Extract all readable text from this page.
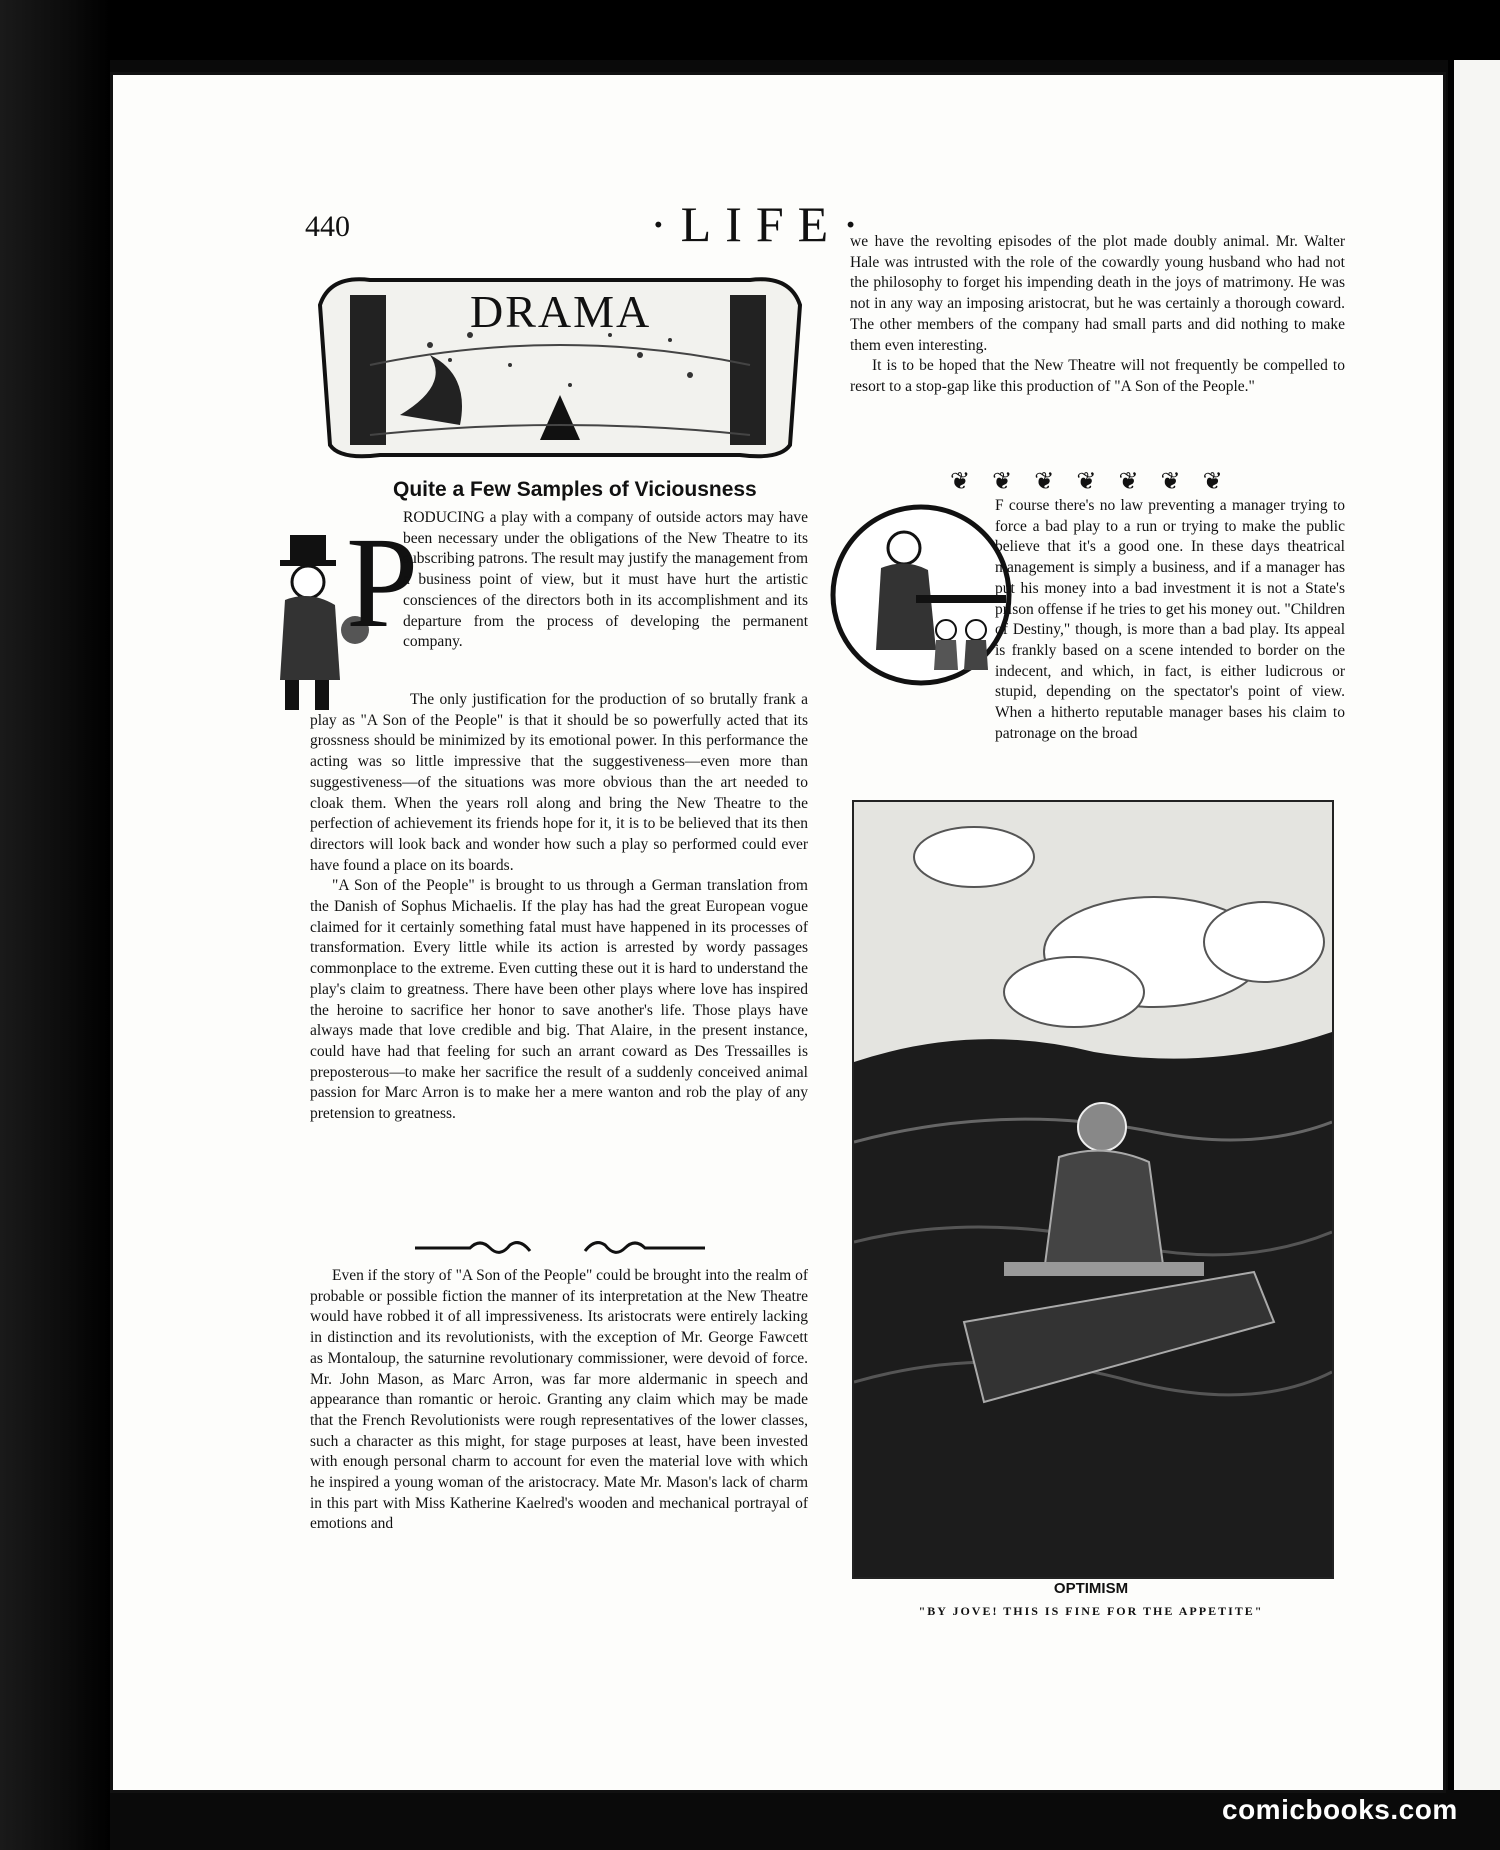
440	·LIFE·
DRAMA
Quite a Few Samples of Viciousness
P

RODUCING a play with a company of outside actors may have been necessary under the obligations of the New Theatre to its subscribing patrons. The result may justify the management from a business point of view, but it must have hurt the artistic consciences of the directors both in its accomplishment and its departure from the process of developing the permanent company.

The only justification for the production of so brutally frank a play as "A Son of the People" is that it should be so powerfully acted that its grossness should be minimized by its emotional power. In this performance the acting was so little impressive that the suggestiveness—even more than suggestiveness—of the situations was more obvious than the art needed to cloak them. When the years roll along and bring the New Theatre to the perfection of achievement its friends hope for it, it is to be believed that its then directors will look back and wonder how such a play so performed could ever have found a place on its boards.

"A Son of the People" is brought to us through a German translation from the Danish of Sophus Michaelis. If the play has had the great European vogue claimed for it certainly something fatal must have happened in its processes of transformation. Every little while its action is arrested by wordy passages commonplace to the extreme. Even cutting these out it is hard to understand the play's claim to greatness. There have been other plays where love has inspired the heroine to sacrifice her honor to save another's life. Those plays have always made that love credible and big. That Alaire, in the present instance, could have had that feeling for such an arrant coward as Des Tressailles is preposterous—to make her sacrifice the result of a suddenly conceived animal passion for Marc Arron is to make her a mere wanton and rob the play of any pretension to greatness.

Even if the story of "A Son of the People" could be brought into the realm of probable or possible fiction the manner of its interpretation at the New Theatre would have robbed it of all impressiveness. Its aristocrats were entirely lacking in distinction and its revolutionists, with the exception of Mr. George Fawcett as Montaloup, the saturnine revolutionary commissioner, were devoid of force. Mr. John Mason, as Marc Arron, was far more aldermanic in speech and appearance than romantic or heroic. Granting any claim which may be made that the French Revolutionists were rough representatives of the lower classes, such a character as this might, for stage purposes at least, have been invested with enough personal charm to account for even the material love with which he inspired a young woman of the aristocracy. Mate Mr. Mason's lack of charm in this part with Miss Katherine Kaelred's wooden and mechanical portrayal of emotions and

we have the revolting episodes of the plot made doubly animal. Mr. Walter Hale was intrusted with the role of the cowardly young husband who had not the philosophy to forget his impending death in the joys of matrimony. He was not in any way an imposing aristocrat, but he was certainly a thorough coward. The other members of the company had small parts and did nothing to make them even interesting.

It is to be hoped that the New Theatre will not frequently be compelled to resort to a stop-gap like this production of "A Son of the People."

❦ ❦ ❦ ❦ ❦ ❦ ❦

F course there's no law preventing a manager trying to force a bad play to a run or trying to make the public believe that it's a good one. In these days theatrical management is simply a business, and if a manager has put his money into a bad investment it is not a State's prison offense if he tries to get his money out. "Children of Destiny," though, is more than a bad play. Its appeal is frankly based on a scene intended to border on the indecent, and which, in fact, is either ludicrous or stupid, depending on the spectator's point of view. When a hitherto reputable manager bases his claim to patronage on the broad

OPTIMISM
"BY JOVE! THIS IS FINE FOR THE APPETITE"
comicbooks.com
